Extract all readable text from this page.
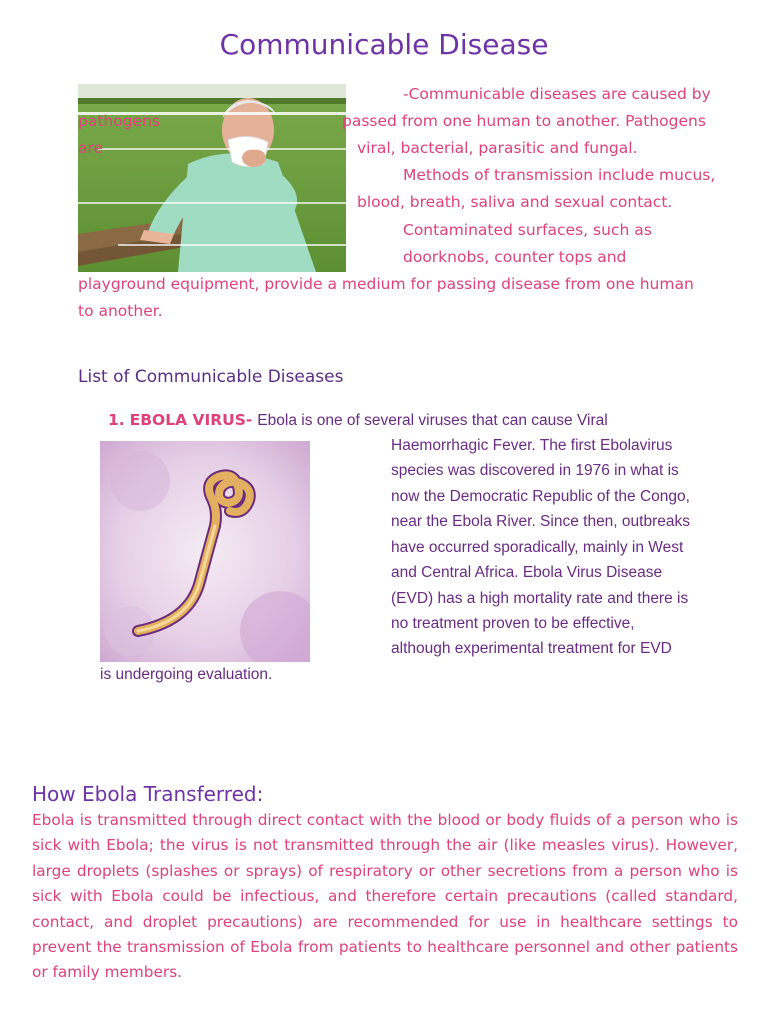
Communicable Disease
-Communicable diseases are caused by
pathogens	passed from one human to another. Pathogens
are	viral, bacterial, parasitic and fungal.
Methods of transmission include mucus,
blood, breath, saliva and sexual contact.
Contaminated surfaces, such as
doorknobs, counter tops and
playground equipment, provide a medium for passing disease from one human
to another.
List of Communicable Diseases
1. EBOLA VIRUS- Ebola is one of several viruses that can cause Viral
Haemorrhagic Fever. The first Ebolavirus
species was discovered in 1976 in what is
now the Democratic Republic of the Congo,
near the Ebola River. Since then, outbreaks
have occurred sporadically, mainly in West
and Central Africa. Ebola Virus Disease
(EVD) has a high mortality rate and there is
no treatment proven to be effective,
although experimental treatment for EVD
is undergoing evaluation.
How Ebola Transferred:
Ebola is transmitted through direct contact with the blood or body fluids of a person who is sick with Ebola; the virus is not transmitted through the air (like measles virus). However, large droplets (splashes or sprays) of respiratory or other secretions from a person who is sick with Ebola could be infectious, and therefore certain precautions (called standard, contact, and droplet precautions) are recommended for use in healthcare settings to prevent the transmission of Ebola from patients to healthcare personnel and other patients or family members.
